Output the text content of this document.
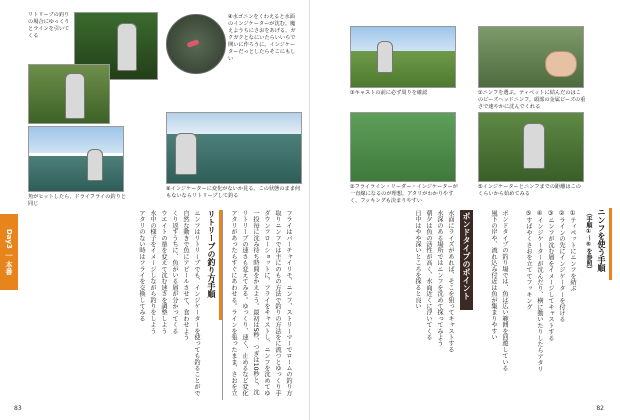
リトリーブの釣りの場合にゆっくりとラインを引いてくる
④水ゴニンをくわえると水面のインジケーターが沈む。魔えようちにさおをあげる。ガクガクとなにいたらいいちで開いに作ろうに。インジケーターだっとしたらそこにもしい
魚がヒットしたら、ドライフライの釣りと同じ
⑧インジケーターに変化がないか見る。この状態のまま何もないならリトリーブして釣る
Day3 ｜ 本番
フライはバーチャイリモ、ニンフ、ストリーマーでロームの釣り方
取りニンフでは主にのもの方法で釣りの方法をに流つとゆっくり手
ダウンフローショットに、フライをキャストし、ニンフを沈めてゆ
一投毎に沈み待ち時間をかえよう。最初は5秒、つぎは10秒と、沈
リトリーブの速さも変えてみる。ゆっくり、速く、止めるなど変化
アタリがあったらすぐにあわせる。ラインを張ったまま、さおを立
リトリーブの釣り方手順
ニンフはリトリーブでも、インジケーターを使っても釣ることがで
自然な動きで魚にアピールさせて、食わせよう
くり返すうちに、魚がいる層が分かってくる
ウエイトの量を変えて沈む速さを調整しよう
水中の様子をイメージしながら釣りをしよう
アタリのない時はフライを交換してみる
83
③キャストの前に必ず周りを確認	①ニンフを選ぶ。ティペットに結んだのはこのビーズヘッドニンフ。頭部の金属ビーズの重さで速やかに沈んでくれる
②フライライン・リーダー・インジケーターが一直線になるのが理想。アタリがわかりやすく、フッキングも決まりやすい
⑤インジケーターとニンフまでの距離はこのくらいから始めてみる
ニンフを使う手順
（手順①〜⑤を参照）
①ティペットにニンフを結ぶ
②ラインの先にインジケーターを付ける
③ニンフが沈む層をイメージしてキャストする
④インジケーターが沈んだり、横に動いたりしたらアタリ
⑤すばやくさおを立ててフッキング
ポンドタイプのポイント	ポンドタイプの釣り場では、魚は広い範囲を回遊している
風下の岸や、流れ込み付近は魚が集まりやすい
水面にライズがあれば、そこを狙ってキャストする
水深のある場所ではニンフを沈めて探ってみよう
朝夕は魚の活性が高く、水面近くに浮いてくる
日中はやや深いところを探ると良い
82
